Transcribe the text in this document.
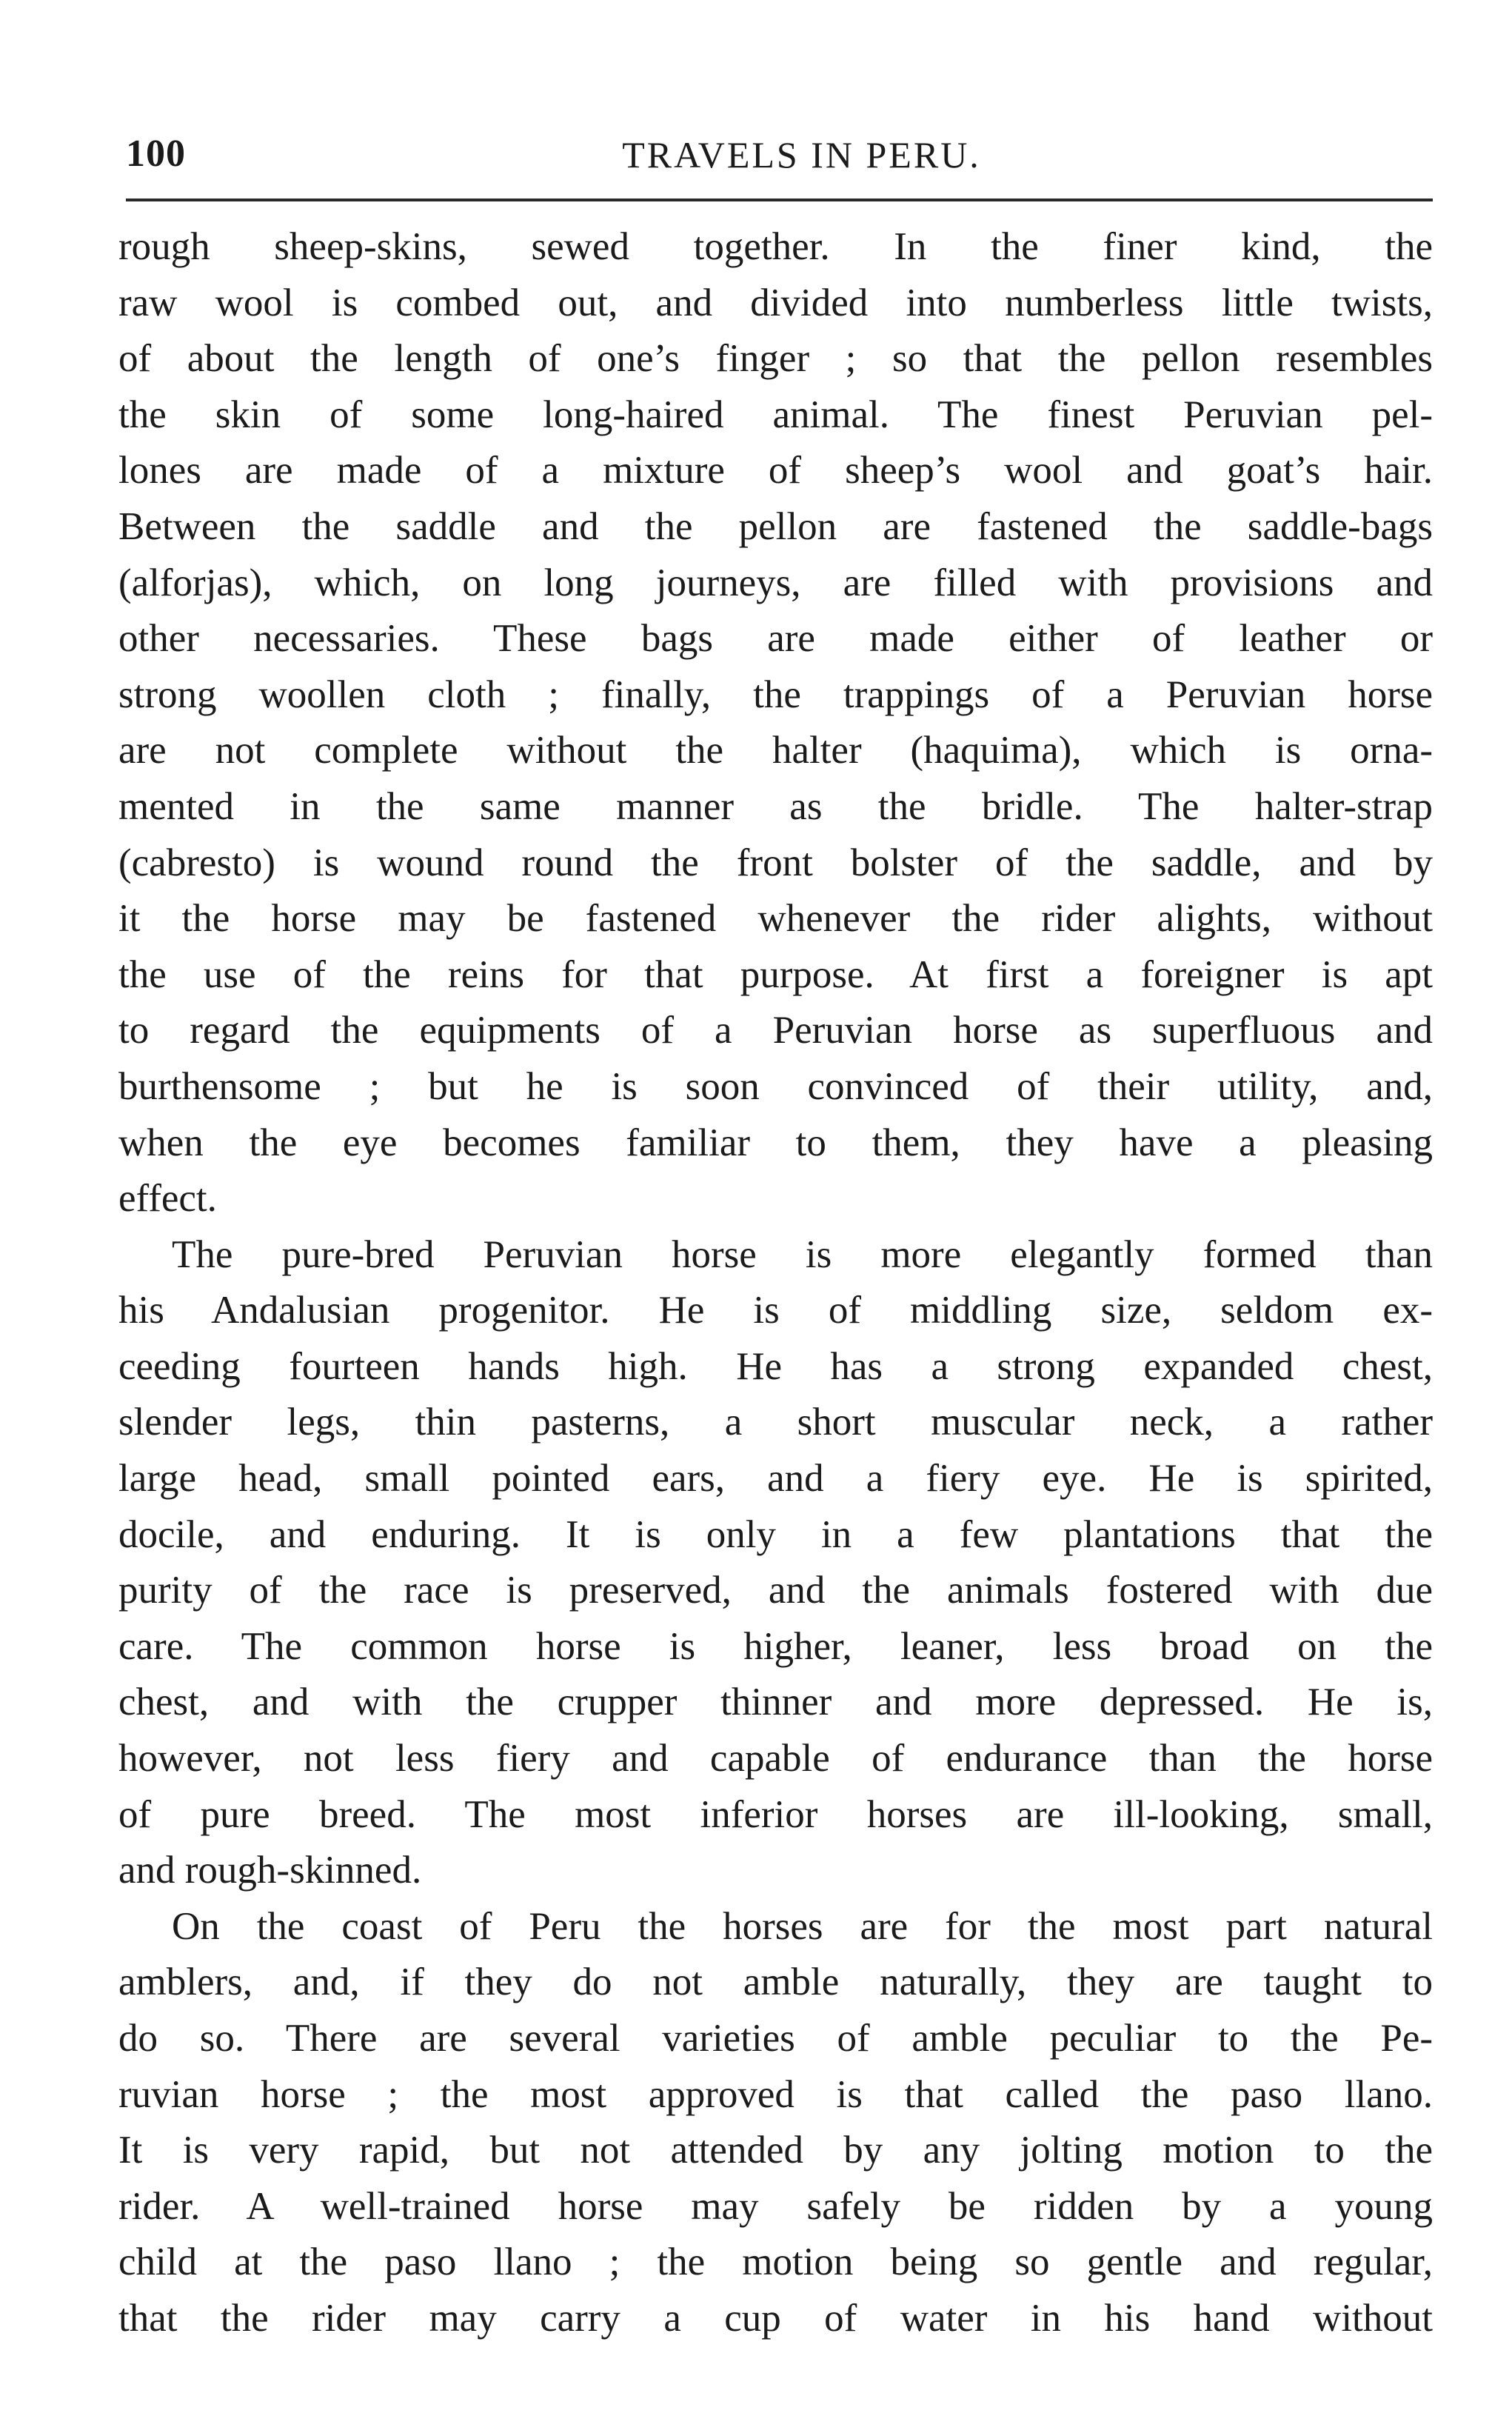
100	TRAVELS IN PERU.
rough sheep-skins, sewed together. In the finer kind, the
raw wool is combed out, and divided into numberless little twists,
of about the length of one’s finger ; so that the pellon resembles
the skin of some long-haired animal. The finest Peruvian pel-
lones are made of a mixture of sheep’s wool and goat’s hair.
Between the saddle and the pellon are fastened the saddle-bags
(alforjas), which, on long journeys, are filled with provisions and
other necessaries. These bags are made either of leather or
strong woollen cloth ; finally, the trappings of a Peruvian horse
are not complete without the halter (haquima), which is orna-
mented in the same manner as the bridle. The halter-strap
(cabresto) is wound round the front bolster of the saddle, and by
it the horse may be fastened whenever the rider alights, without
the use of the reins for that purpose. At first a foreigner is apt
to regard the equipments of a Peruvian horse as superfluous and
burthensome ; but he is soon convinced of their utility, and,
when the eye becomes familiar to them, they have a pleasing
effect.
The pure-bred Peruvian horse is more elegantly formed than
his Andalusian progenitor. He is of middling size, seldom ex-
ceeding fourteen hands high. He has a strong expanded chest,
slender legs, thin pasterns, a short muscular neck, a rather
large head, small pointed ears, and a fiery eye. He is spirited,
docile, and enduring. It is only in a few plantations that the
purity of the race is preserved, and the animals fostered with due
care. The common horse is higher, leaner, less broad on the
chest, and with the crupper thinner and more depressed. He is,
however, not less fiery and capable of endurance than the horse
of pure breed. The most inferior horses are ill-looking, small,
and rough-skinned.
On the coast of Peru the horses are for the most part natural
amblers, and, if they do not amble naturally, they are taught to
do so. There are several varieties of amble peculiar to the Pe-
ruvian horse ; the most approved is that called the paso llano.
It is very rapid, but not attended by any jolting motion to the
rider. A well-trained horse may safely be ridden by a young
child at the paso llano ; the motion being so gentle and regular,
that the rider may carry a cup of water in his hand without
